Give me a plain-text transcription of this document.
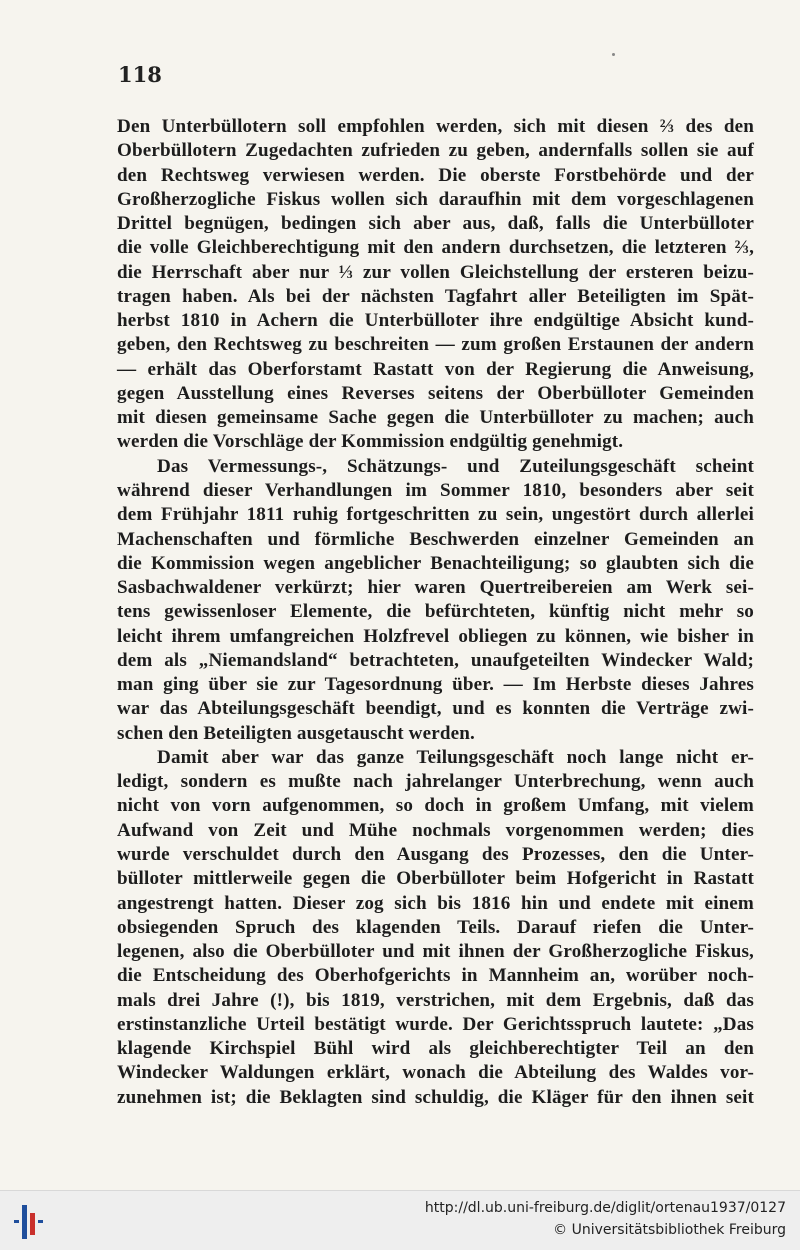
118
Den Unterbüllotern soll empfohlen werden, sich mit diesen ⅔ des den
Oberbüllotern Zugedachten zufrieden zu geben, andernfalls sollen sie auf
den Rechtsweg verwiesen werden. Die oberste Forstbehörde und der
Großherzogliche Fiskus wollen sich daraufhin mit dem vorgeschlagenen
Drittel begnügen, bedingen sich aber aus, daß, falls die Unterbülloter
die volle Gleichberechtigung mit den andern durchsetzen, die letzteren ⅔,
die Herrschaft aber nur ⅓ zur vollen Gleichstellung der ersteren beizu-
tragen haben. Als bei der nächsten Tagfahrt aller Beteiligten im Spät-
herbst 1810 in Achern die Unterbülloter ihre endgültige Absicht kund-
geben, den Rechtsweg zu beschreiten — zum großen Erstaunen der andern
— erhält das Oberforstamt Rastatt von der Regierung die Anweisung,
gegen Ausstellung eines Reverses seitens der Oberbülloter Gemeinden
mit diesen gemeinsame Sache gegen die Unterbülloter zu machen; auch
werden die Vorschläge der Kommission endgültig genehmigt.
Das Vermessungs-, Schätzungs- und Zuteilungsgeschäft scheint
während dieser Verhandlungen im Sommer 1810, besonders aber seit
dem Frühjahr 1811 ruhig fortgeschritten zu sein, ungestört durch allerlei
Machenschaften und förmliche Beschwerden einzelner Gemeinden an
die Kommission wegen angeblicher Benachteiligung; so glaubten sich die
Sasbachwaldener verkürzt; hier waren Quertreibereien am Werk sei-
tens gewissenloser Elemente, die befürchteten, künftig nicht mehr so
leicht ihrem umfangreichen Holzfrevel obliegen zu können, wie bisher in
dem als „Niemandsland“ betrachteten, unaufgeteilten Windecker Wald;
man ging über sie zur Tagesordnung über. — Im Herbste dieses Jahres
war das Abteilungsgeschäft beendigt, und es konnten die Verträge zwi-
schen den Beteiligten ausgetauscht werden.
Damit aber war das ganze Teilungsgeschäft noch lange nicht er-
ledigt, sondern es mußte nach jahrelanger Unterbrechung, wenn auch
nicht von vorn aufgenommen, so doch in großem Umfang, mit vielem
Aufwand von Zeit und Mühe nochmals vorgenommen werden; dies
wurde verschuldet durch den Ausgang des Prozesses, den die Unter-
bülloter mittlerweile gegen die Oberbülloter beim Hofgericht in Rastatt
angestrengt hatten. Dieser zog sich bis 1816 hin und endete mit einem
obsiegenden Spruch des klagenden Teils. Darauf riefen die Unter-
legenen, also die Oberbülloter und mit ihnen der Großherzogliche Fiskus,
die Entscheidung des Oberhofgerichts in Mannheim an, worüber noch-
mals drei Jahre (!), bis 1819, verstrichen, mit dem Ergebnis, daß das
erstinstanzliche Urteil bestätigt wurde. Der Gerichtsspruch lautete: „Das
klagende Kirchspiel Bühl wird als gleichberechtigter Teil an den
Windecker Waldungen erklärt, wonach die Abteilung des Waldes vor-
zunehmen ist; die Beklagten sind schuldig, die Kläger für den ihnen seit
http://dl.ub.uni-freiburg.de/diglit/ortenau1937/0127
© Universitätsbibliothek Freiburg
